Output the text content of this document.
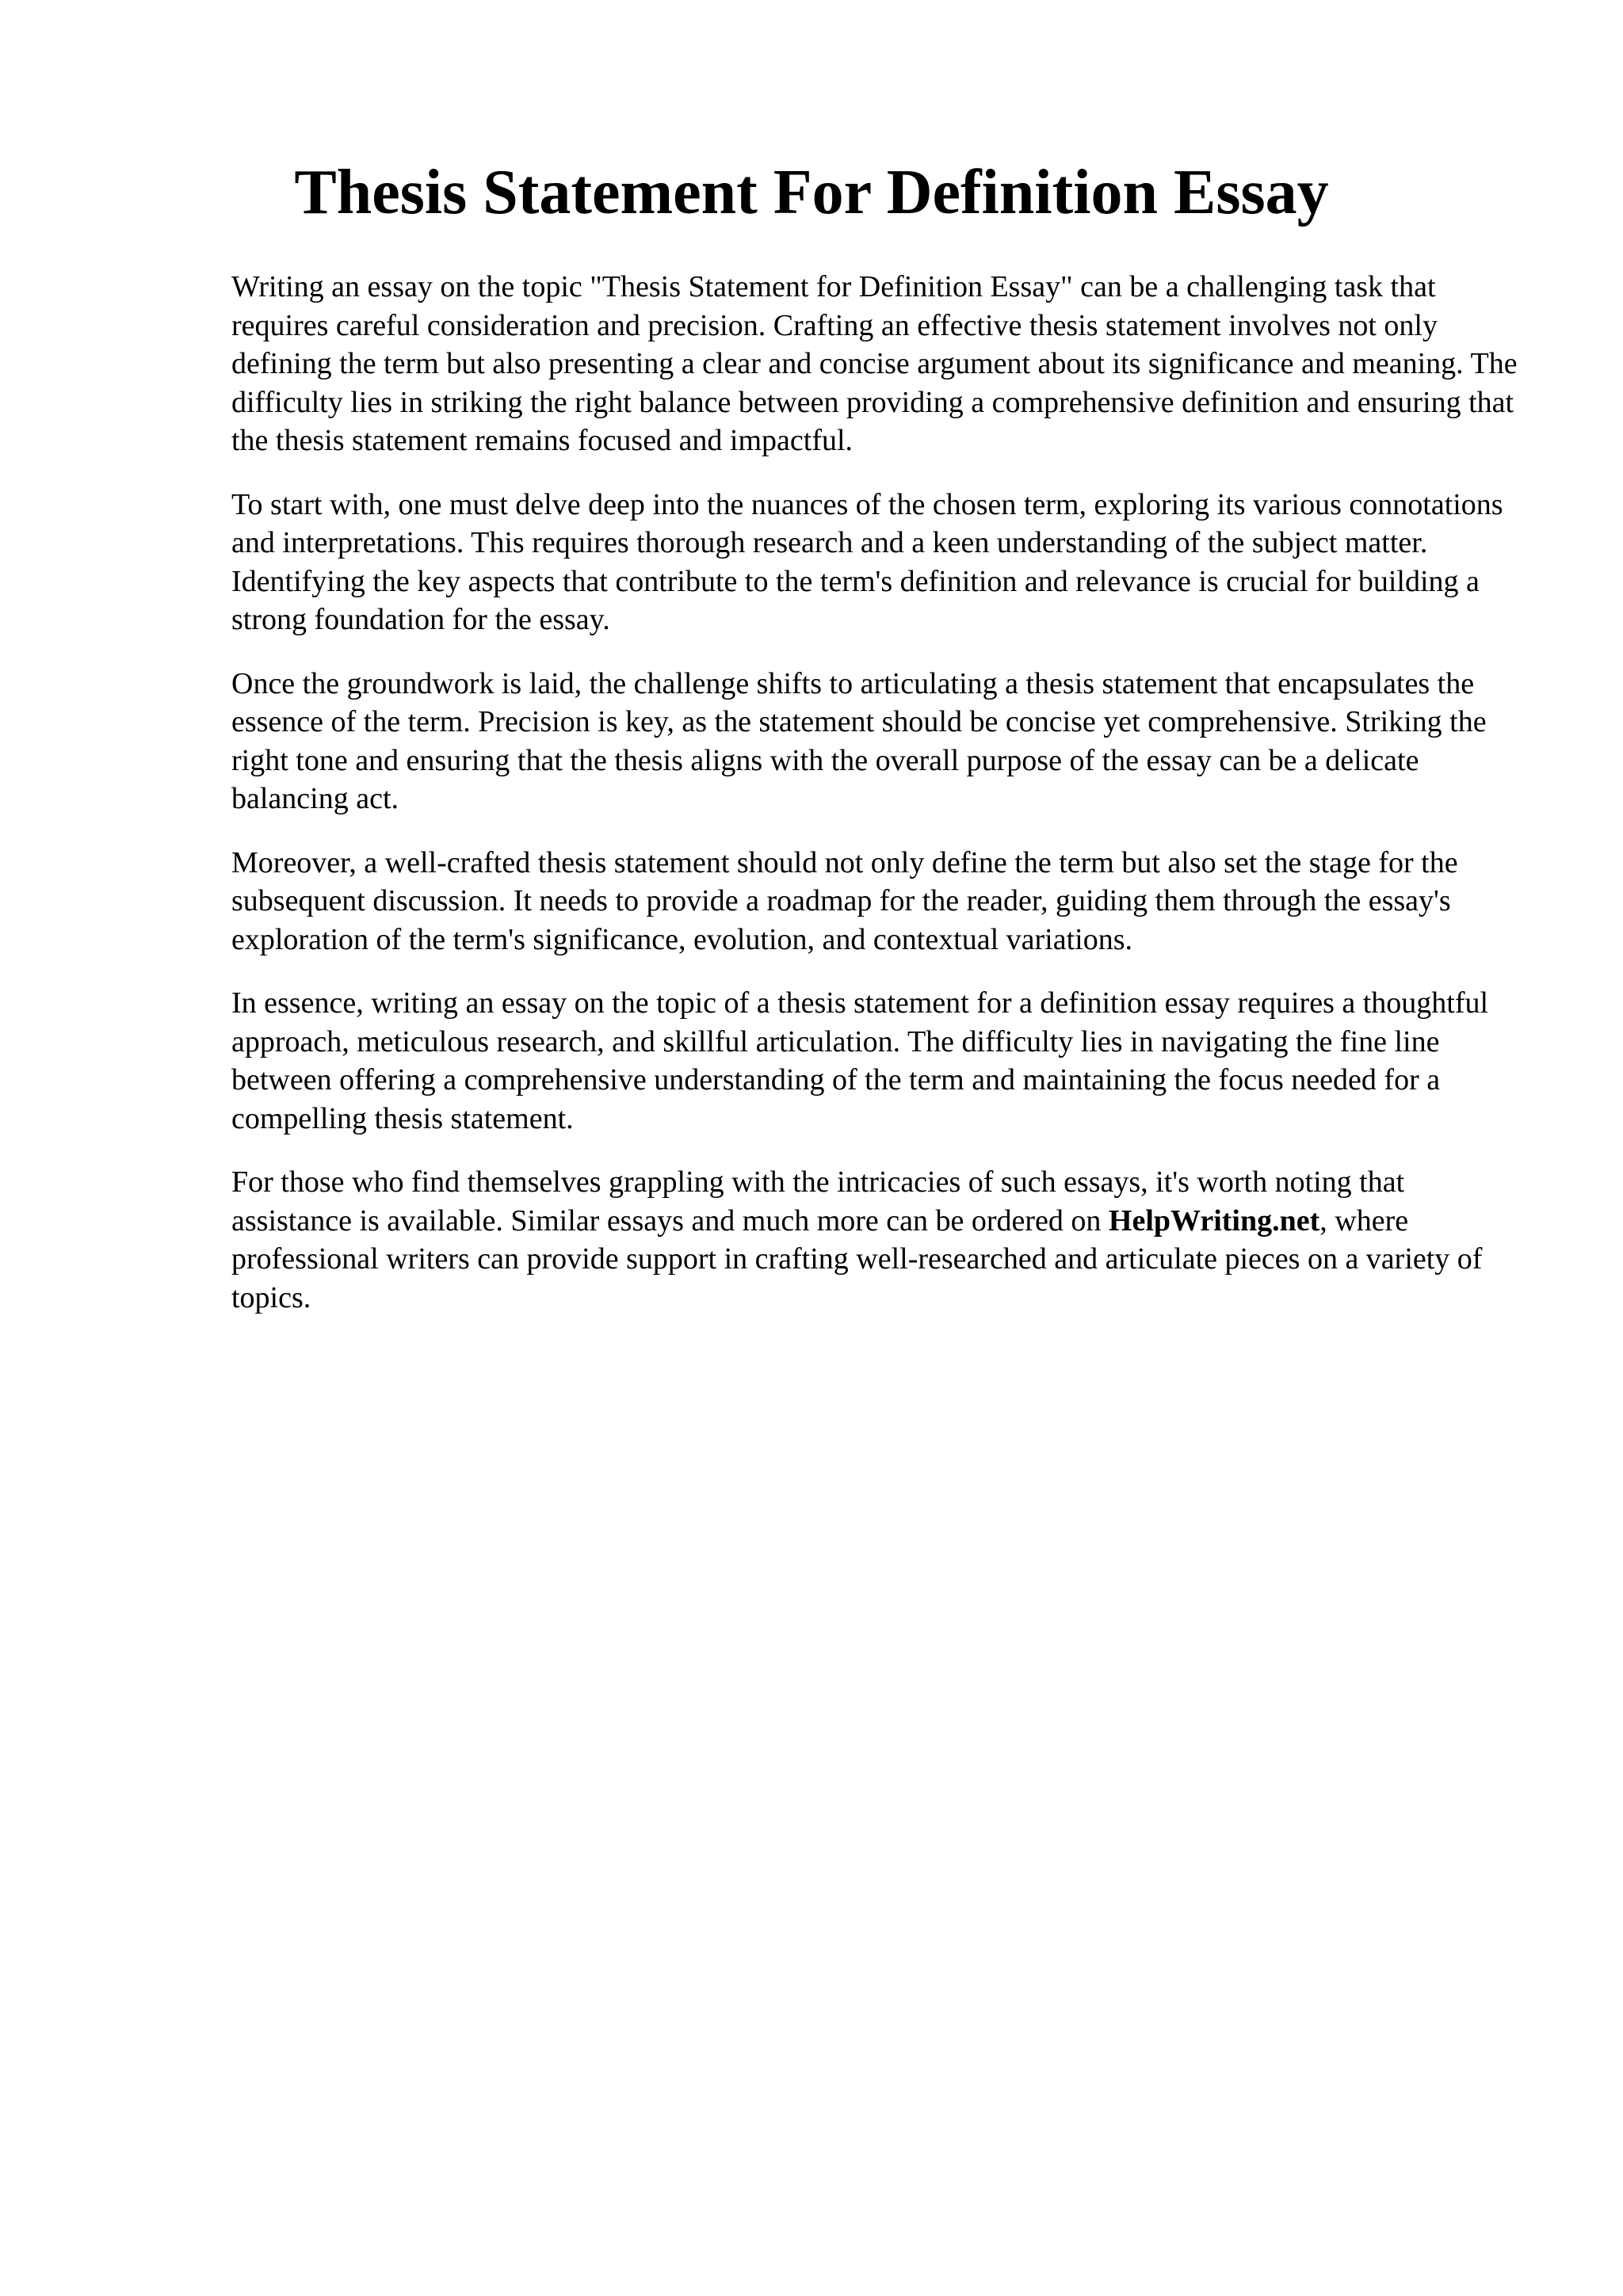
Thesis Statement For Definition Essay

Writing an essay on the topic "Thesis Statement for Definition Essay" can be a challenging task that requires careful consideration and precision. Crafting an effective thesis statement involves not only defining the term but also presenting a clear and concise argument about its significance and meaning. The difficulty lies in striking the right balance between providing a comprehensive definition and ensuring that the thesis statement remains focused and impactful.

To start with, one must delve deep into the nuances of the chosen term, exploring its various connotations and interpretations. This requires thorough research and a keen understanding of the subject matter. Identifying the key aspects that contribute to the term's definition and relevance is crucial for building a strong foundation for the essay.

Once the groundwork is laid, the challenge shifts to articulating a thesis statement that encapsulates the essence of the term. Precision is key, as the statement should be concise yet comprehensive. Striking the right tone and ensuring that the thesis aligns with the overall purpose of the essay can be a delicate balancing act.

Moreover, a well-crafted thesis statement should not only define the term but also set the stage for the subsequent discussion. It needs to provide a roadmap for the reader, guiding them through the essay's exploration of the term's significance, evolution, and contextual variations.

In essence, writing an essay on the topic of a thesis statement for a definition essay requires a thoughtful approach, meticulous research, and skillful articulation. The difficulty lies in navigating the fine line between offering a comprehensive understanding of the term and maintaining the focus needed for a compelling thesis statement.

For those who find themselves grappling with the intricacies of such essays, it's worth noting that assistance is available. Similar essays and much more can be ordered on HelpWriting.net, where professional writers can provide support in crafting well-researched and articulate pieces on a variety of topics.
